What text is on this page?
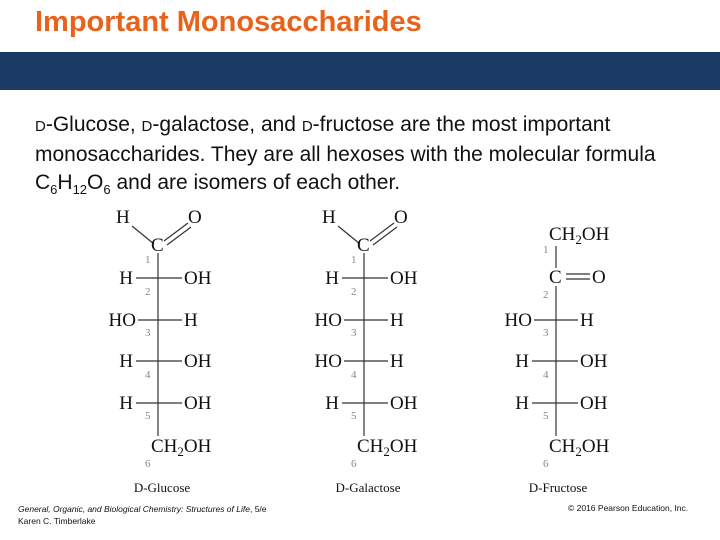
Important Monosaccharides
D-Glucose, D-galactose, and D-fructose are the most important monosaccharides. They are all hexoses with the molecular formula $C_6H_{12}O_6$ and are isomers of each other.
H	O
C
H	OH
HO	H
H	OH
H	OH
$CH_2OH$
1
2
3
4
5
6
D-Glucose
H	O
C
H	OH
HO	H
HO	H
H	OH
$CH_2OH$
1
2
3
4
5
6
D-Galactose
$CH_2OH$
C O
HO	H
H	OH
H	OH
$CH_2OH$
1
2
3
4
5
6
D-Fructose
General, Organic, and Biological Chemistry: Structures of Life, 5/e
Karen C. Timberlake
© 2016 Pearson Education, Inc.
